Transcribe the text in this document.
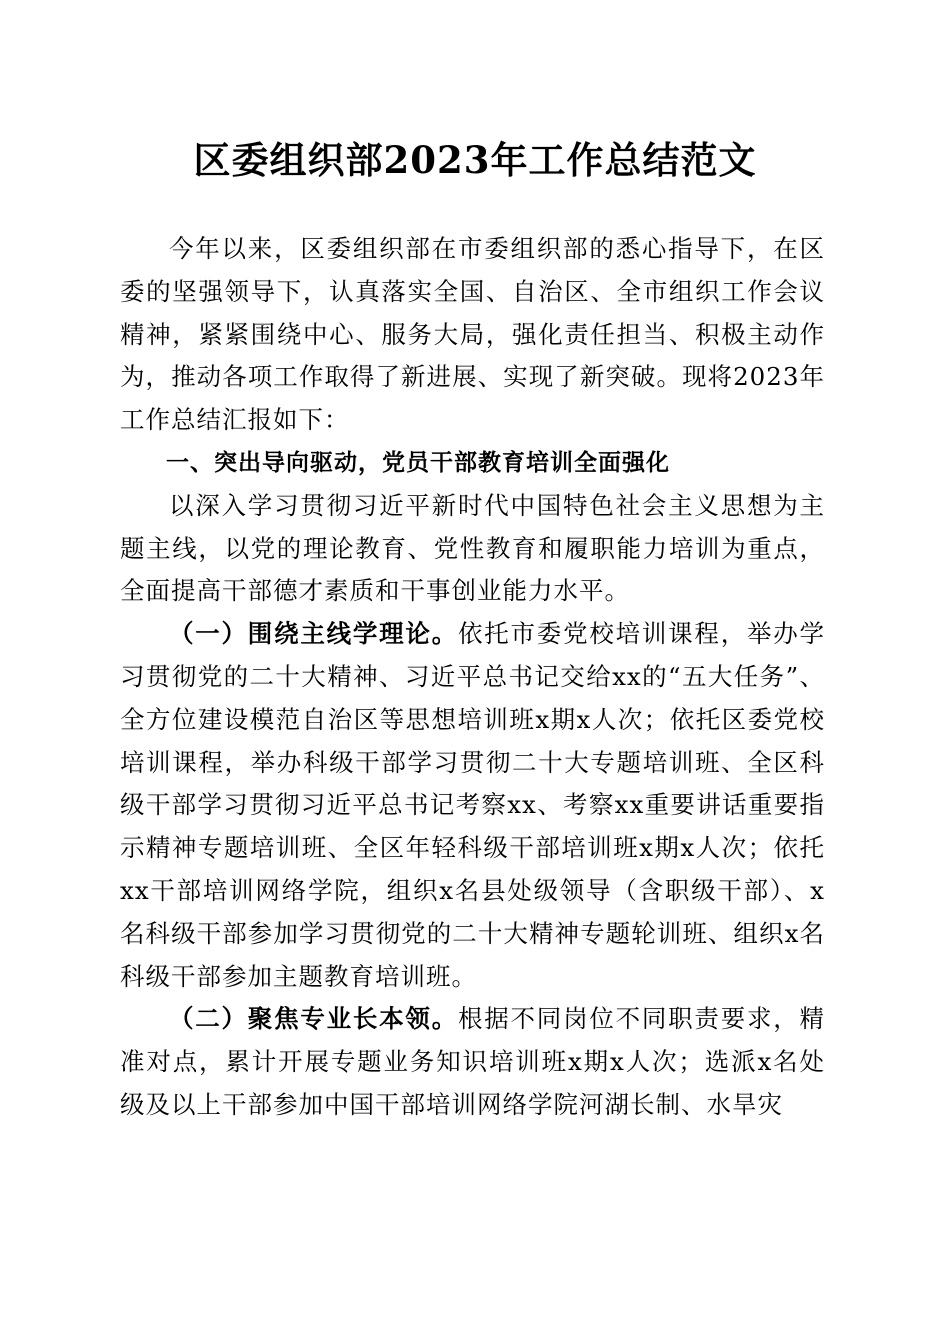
区委组织部2023年工作总结范文

今年以来，区委组织部在市委组织部的悉心指导下，在区委的坚强领导下，认真落实全国、自治区、全市组织工作会议精神，紧紧围绕中心、服务大局，强化责任担当、积极主动作为，推动各项工作取得了新进展、实现了新突破。现将2023年工作总结汇报如下：

一、突出导向驱动，党员干部教育培训全面强化

以深入学习贯彻习近平新时代中国特色社会主义思想为主题主线，以党的理论教育、党性教育和履职能力培训为重点，全面提高干部德才素质和干事创业能力水平。

（一）围绕主线学理论。依托市委党校培训课程，举办学习贯彻党的二十大精神、习近平总书记交给xx的“五大任务”、全方位建设模范自治区等思想培训班x期x人次；依托区委党校培训课程，举办科级干部学习贯彻二十大专题培训班、全区科级干部学习贯彻习近平总书记考察xx、考察xx重要讲话重要指示精神专题培训班、全区年轻科级干部培训班x期x人次；依托xx干部培训网络学院，组织x名县处级领导（含职级干部）、x名科级干部参加学习贯彻党的二十大精神专题轮训班、组织x名科级干部参加主题教育培训班。

（二）聚焦专业长本领。根据不同岗位不同职责要求，精准对点，累计开展专题业务知识培训班x期x人次；选派x名处级及以上干部参加中国干部培训网络学院河湖长制、水旱灾
